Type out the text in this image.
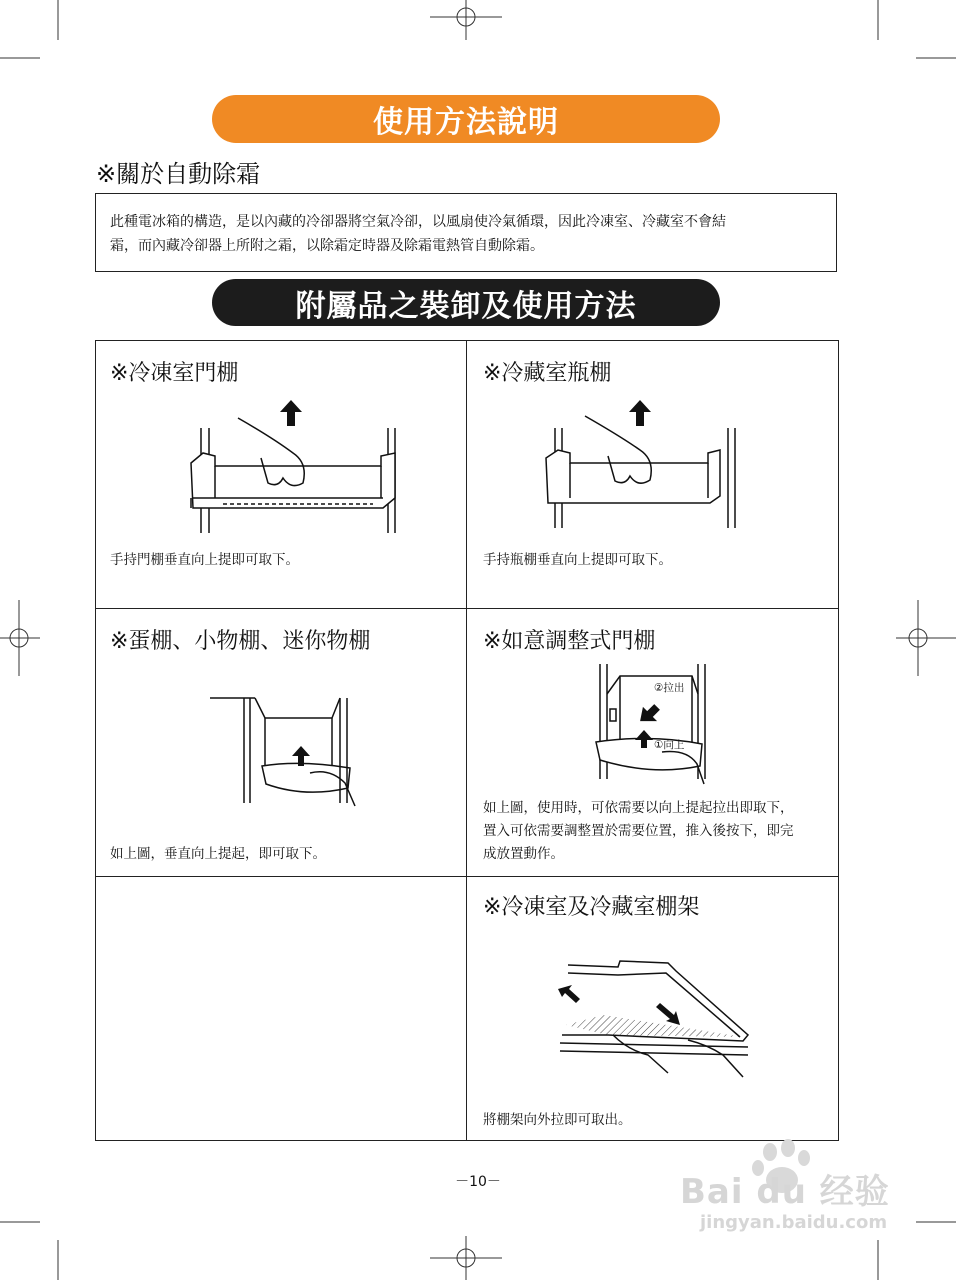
使用方法說明
※關於自動除霜
此種電冰箱的構造，是以內藏的冷卻器將空氣冷卻，以風扇使冷氣循環，因此冷凍室、冷藏室不會結
霜，而內藏冷卻器上所附之霜，以除霜定時器及除霜電熱管自動除霜。
附屬品之裝卸及使用方法
※冷凍室門棚
手持門棚垂直向上提即可取下。
※冷藏室瓶棚
手持瓶棚垂直向上提即可取下。
※蛋棚、小物棚、迷你物棚
如上圖，垂直向上提起，即可取下。
※如意調整式門棚
②拉出
①向上
如上圖，使用時，可依需要以向上提起拉出即取下，
置入可依需要調整置於需要位置，推入後按下，即完
成放置動作。
※冷凍室及冷藏室棚架
將棚架向外拉即可取出。
－10－	Bai du 经验
jingyan.baidu.com
